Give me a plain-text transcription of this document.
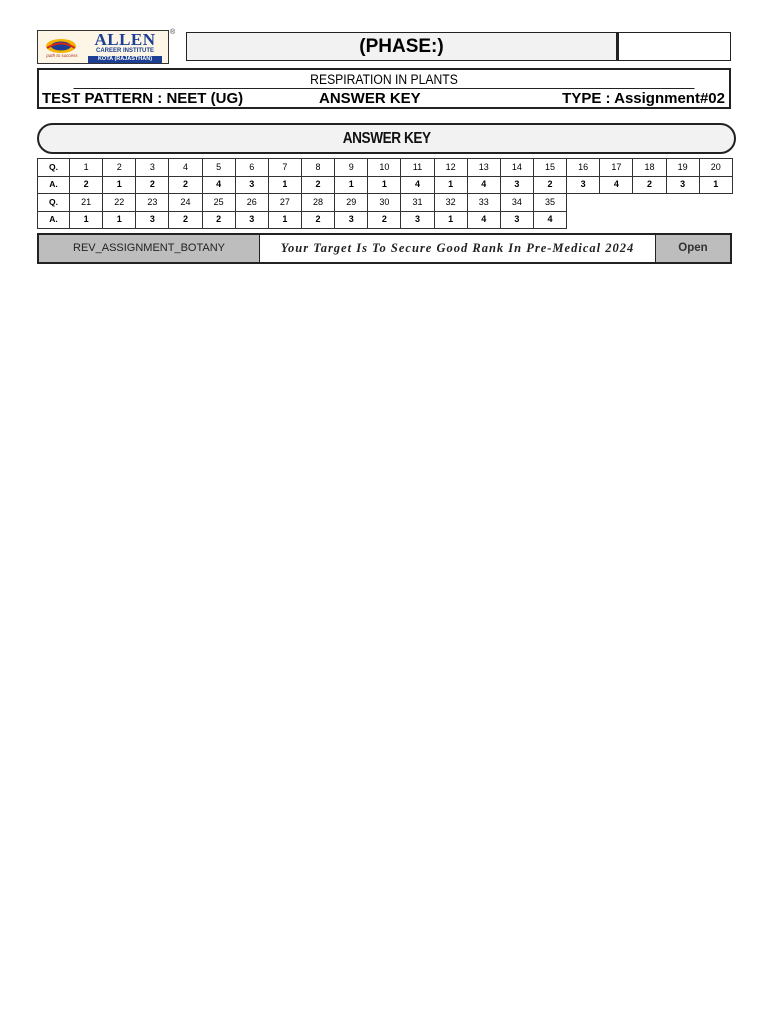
ALLEN
CAREER INSTITUTE
KOTA (RAJASTHAN)
path to success
®
(PHASE:)
RESPIRATION IN PLANTS
TEST PATTERN : NEET (UG)	ANSWER KEY	TYPE : Assignment#02
ANSWER KEY
Q.	1	2	3	4	5	6	7	8	9	10	11	12	13	14	15	16	17	18	19	20
A.	2	1	2	2	4	3	1	2	1	1	4	1	4	3	2	3	4	2	3	1
Q.	21	22	23	24	25	26	27	28	29	30	31	32	33	34	35					
A.	1	1	3	2	2	3	1	2	3	2	3	1	4	3	4					
REV_ASSIGNMENT_BOTANY	Your Target Is To Secure Good Rank In Pre-Medical 2024	Open
